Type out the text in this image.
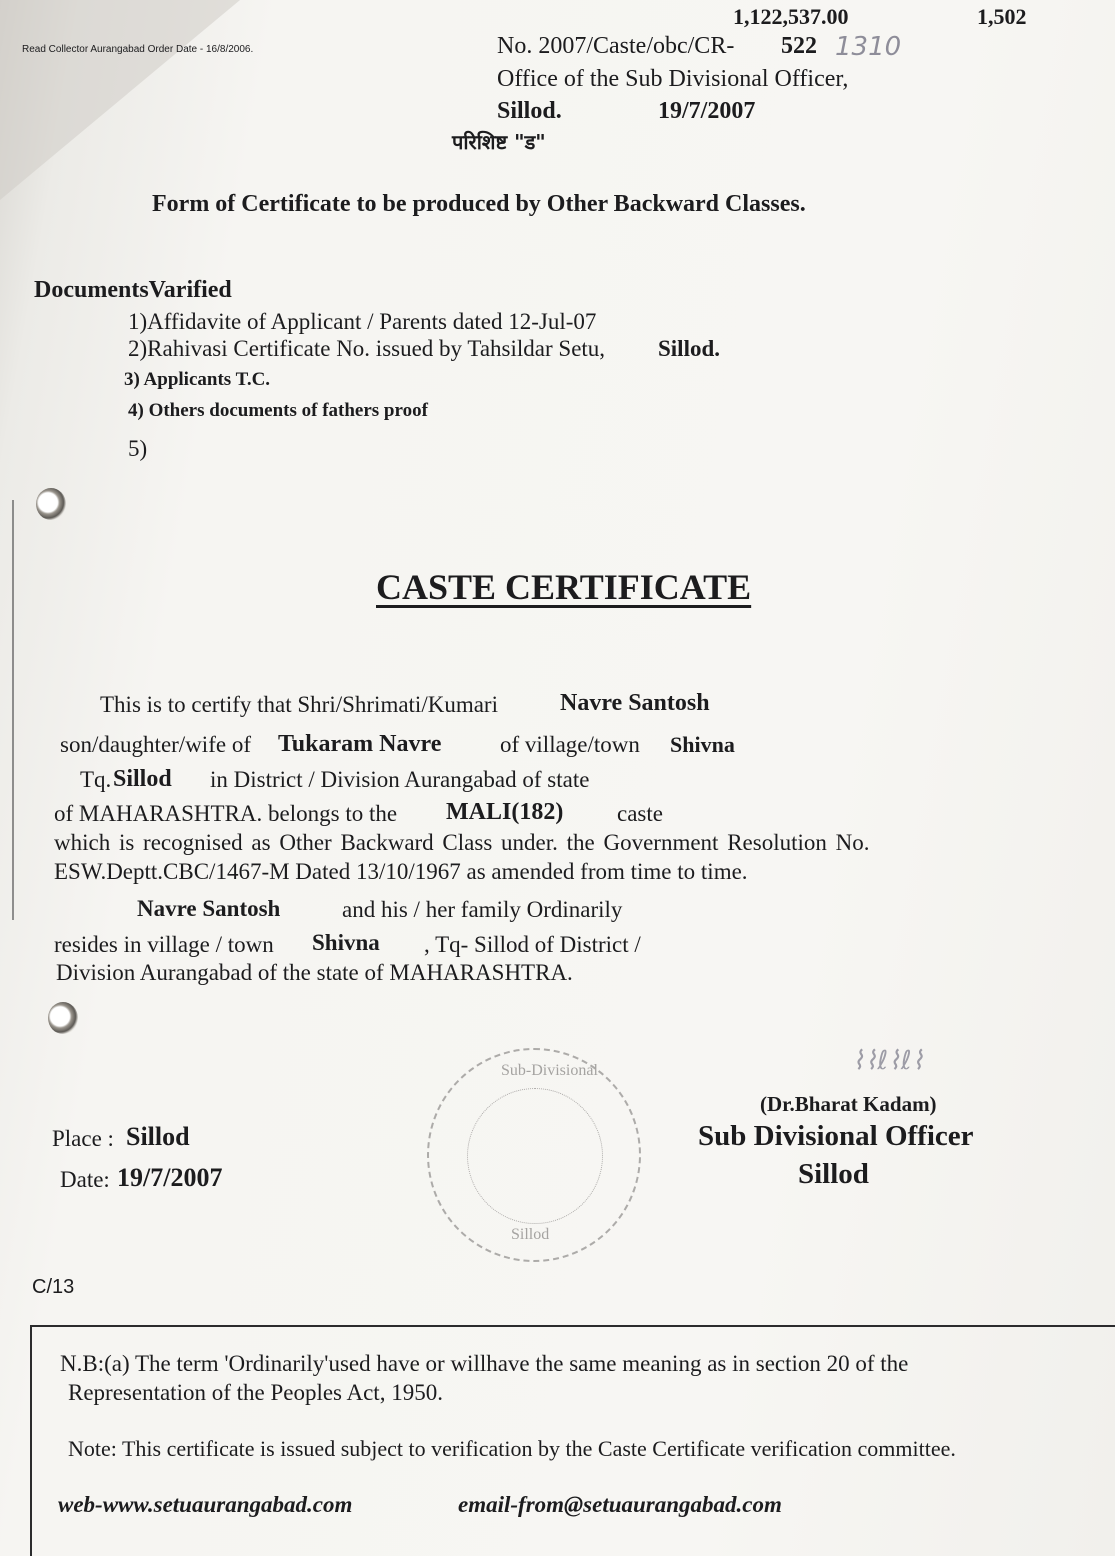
1,122,537.00	1,502
Read Collector Aurangabad Order Date - 16/8/2006.	No. 2007/Caste/obc/CR- 522 1310
Office of the Sub Divisional Officer,
Sillod.	19/7/2007
परिशिष्ट "ड"
Form of Certificate to be produced by Other Backward Classes.
DocumentsVarified
1)Affidavite of Applicant / Parents dated 12-Jul-07
2)Rahivasi Certificate No. issued by Tahsildar Setu, Sillod.
3) Applicants T.C.
4) Others documents of fathers proof
5)
CASTE CERTIFICATE
This is to certify that Shri/Shrimati/Kumari	Navre Santosh
son/daughter/wife of Tukaram Navre	of village/town Shivna
Tq. Sillod in District / Division Aurangabad of state
of MAHARASHTRA. belongs to the MALI(182) caste
which is recognised as Other Backward Class under. the Government Resolution No.
ESW.Deptt.CBC/1467-M Dated 13/10/1967 as amended from time to time.
Navre Santosh	and his / her family Ordinarily
resides in village / town Shivna , Tq- Sillod of District /
Division Aurangabad of the state of MAHARASHTRA.
Sub-Divisional
Sillod
Place : Sillod
Date: 19/7/2007
C/13
⌇⌇ℓ⌇ℓ⌇
(Dr.Bharat Kadam)
Sub Divisional Officer
Sillod
N.B:(a) The term 'Ordinarily'used have or willhave the same meaning as in section 20 of the
Representation of the Peoples Act, 1950.
Note: This certificate is issued subject to verification by the Caste Certificate verification committee.
web-www.setuaurangabad.com	email-from@setuaurangabad.com
